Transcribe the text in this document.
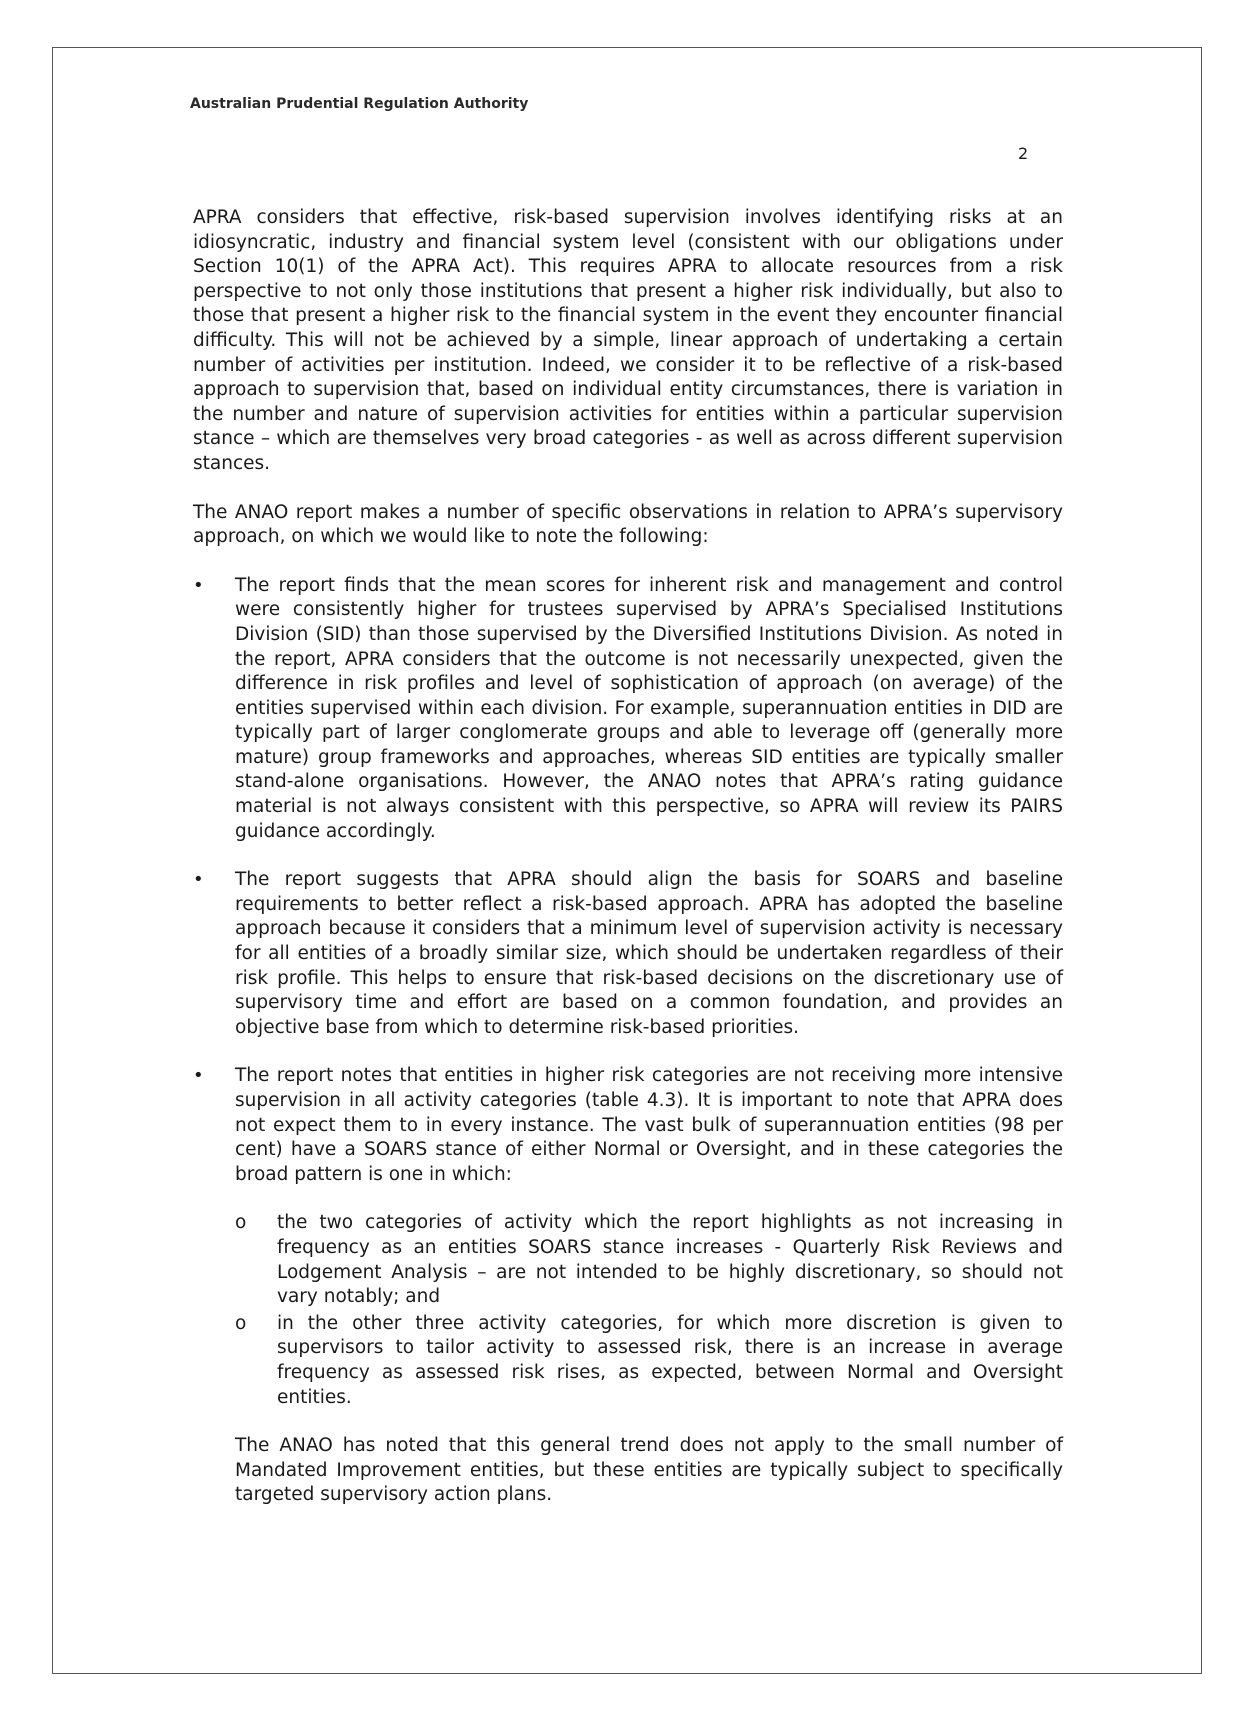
Australian Prudential Regulation Authority
2

APRA considers that effective, risk-based supervision involves identifying risks at an idiosyncratic, industry and financial system level (consistent with our obligations under Section 10(1) of the APRA Act). This requires APRA to allocate resources from a risk perspective to not only those institutions that present a higher risk individually, but also to those that present a higher risk to the financial system in the event they encounter financial difficulty. This will not be achieved by a simple, linear approach of undertaking a certain number of activities per institution. Indeed, we consider it to be reflective of a risk-based approach to supervision that, based on individual entity circumstances, there is variation in the number and nature of supervision activities for entities within a particular supervision stance – which are themselves very broad categories - as well as across different supervision stances.

The ANAO report makes a number of specific observations in relation to APRA’s supervisory approach, on which we would like to note the following:

• The report finds that the mean scores for inherent risk and management and control were consistently higher for trustees supervised by APRA’s Specialised Institutions Division (SID) than those supervised by the Diversified Institutions Division. As noted in the report, APRA considers that the outcome is not necessarily unexpected, given the difference in risk profiles and level of sophistication of approach (on average) of the entities supervised within each division. For example, superannuation entities in DID are typically part of larger conglomerate groups and able to leverage off (generally more mature) group frameworks and approaches, whereas SID entities are typically smaller stand-alone organisations. However, the ANAO notes that APRA’s rating guidance material is not always consistent with this perspective, so APRA will review its PAIRS guidance accordingly.

• The report suggests that APRA should align the basis for SOARS and baseline requirements to better reflect a risk-based approach. APRA has adopted the baseline approach because it considers that a minimum level of supervision activity is necessary for all entities of a broadly similar size, which should be undertaken regardless of their risk profile. This helps to ensure that risk-based decisions on the discretionary use of supervisory time and effort are based on a common foundation, and provides an objective base from which to determine risk-based priorities.

• The report notes that entities in higher risk categories are not receiving more intensive supervision in all activity categories (table 4.3). It is important to note that APRA does not expect them to in every instance. The vast bulk of superannuation entities (98 per cent) have a SOARS stance of either Normal or Oversight, and in these categories the broad pattern is one in which:

o the two categories of activity which the report highlights as not increasing in frequency as an entities SOARS stance increases - Quarterly Risk Reviews and Lodgement Analysis – are not intended to be highly discretionary, so should not vary notably; and

o in the other three activity categories, for which more discretion is given to supervisors to tailor activity to assessed risk, there is an increase in average frequency as assessed risk rises, as expected, between Normal and Oversight entities.

The ANAO has noted that this general trend does not apply to the small number of Mandated Improvement entities, but these entities are typically subject to specifically targeted supervisory action plans.
